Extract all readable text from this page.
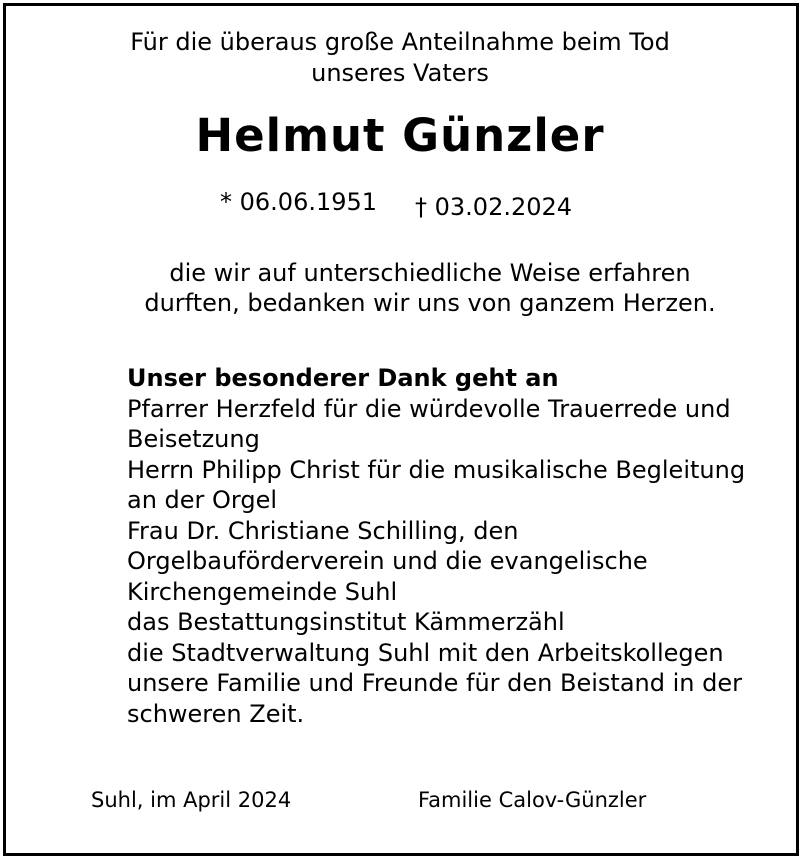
Für die überaus große Anteilnahme beim Tod
unseres Vaters
Helmut Günzler
* 06.06.1951 † 03.02.2024
die wir auf unterschiedliche Weise erfahren
durften, bedanken wir uns von ganzem Herzen.
Unser besonderer Dank geht an
Pfarrer Herzfeld für die würdevolle Trauerrede und
Beisetzung
Herrn Philipp Christ für die musikalische Begleitung
an der Orgel
Frau Dr. Christiane Schilling, den
Orgelbauförderverein und die evangelische
Kirchengemeinde Suhl
das Bestattungsinstitut Kämmerzähl
die Stadtverwaltung Suhl mit den Arbeitskollegen
unsere Familie und Freunde für den Beistand in der
schweren Zeit.
Suhl, im April 2024	Familie Calov-Günzler
